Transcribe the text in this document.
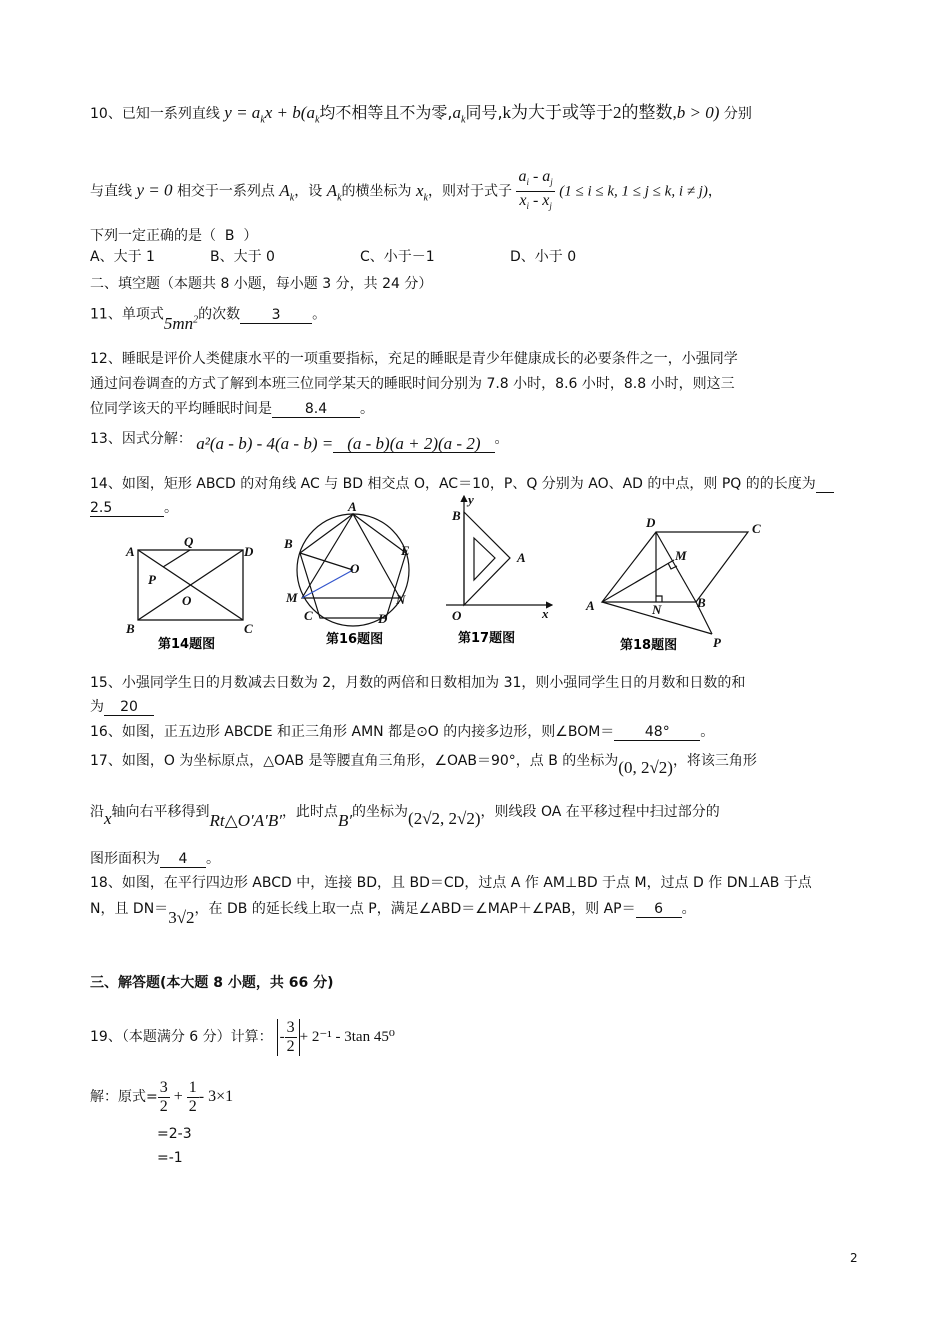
10、已知一系列直线 $y = a_kx + b(a_k$均不相等且不为零$,a_k$同号,k为大于或等于2的整数,b > 0) 分别
与直线 y = 0 相交于一系列点 $A_k$，设 $A_k$的横坐标为 $x_k$，则对于式子 $\frac{a_i - a_j}{x_i - x_j} (1 \le i \le k$, 1 ≤ j ≤ k, i ≠ j)，
下列一定正确的是（ B ）
A、大于 1	B、大于 0	C、小于－1	D、小于 0
二、填空题（本题共 8 小题，每小题 3 分，共 24 分）
11、单项式$5mn^2$的次数 3 。
12、睡眠是评价人类健康水平的一项重要指标，充足的睡眠是青少年健康成长的必要条件之一，小强同学
通过问卷调查的方式了解到本班三位同学某天的睡眠时间分别为 7.8 小时，8.6 小时，8.8 小时，则这三
位同学该天的平均睡眠时间是 8.4 。
13、因式分解： a²(a - b) - 4(a - b) = (a - b)(a + 2)(a - 2) 。
14、如图，矩形 ABCD 的对角线 AC 与 BD 相交点 O，AC＝10，P、Q 分别为 AO、AD 的中点，则 PQ 的的长度为
2.5	。
A
Q
D
P
O
B	C
第14题图
A
B	E
O
M	N
C	D
第16题图
y
B
A
O	x
第17题图
D	C
M
A	N	B
P
第18题图
15、小强同学生日的月数减去日数为 2，月数的两倍和日数相加为 31，则小强同学生日的月数和日数的和
为 20
16、如图，正五边形 ABCDE 和正三角形 AMN 都是⊙O 的内接多边形，则∠BOM＝ 48° 。
17、如图，O 为坐标原点，△OAB 是等腰直角三角形，∠OAB＝90°，点 B 的坐标为(0, 2√2)，将该三角形
沿x轴向右平移得到Rt△O′A′B′，此时点B′的坐标为(2√2, 2√2)，则线段 OA 在平移过程中扫过部分的
图形面积为 4 。
18、如图，在平行四边形 ABCD 中，连接 BD，且 BD＝CD，过点 A 作 AM⊥BD 于点 M，过点 D 作 DN⊥AB 于点
N，且 DN＝3√2，在 DB 的延长线上取一点 P，满足∠ABD＝∠MAP＋∠PAB，则 AP＝ 6 。
三、解答题(本大题 8 小题，共 66 分)
19、（本题满分 6 分）计算： - $\frac{3}{2} + 2^{-1} - 3\tan$ 45⁰
解：原式= $\frac{3}{2} + \frac{1}{2} - 3\times 1$
=2-3
=-1
2
